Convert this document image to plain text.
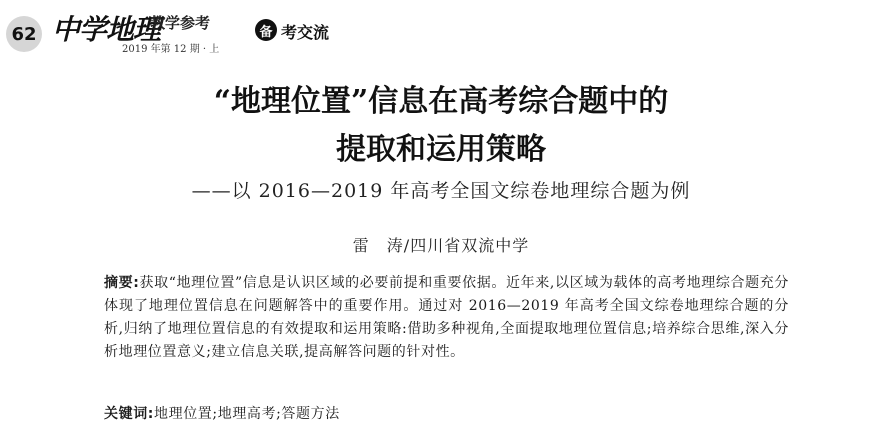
62 中学地理
教学参考
2019 年第 12 期 · 上
备 考交流
“地理位置”信息在高考综合题中的
提取和运用策略
——以 2016—2019 年高考全国文综卷地理综合题为例
雷　涛/四川省双流中学
摘要:获取“地理位置”信息是认识区域的必要前提和重要依据。近年来,以区域为载体的高考地理综合题充分体现了地理位置信息在问题解答中的重要作用。通过对 2016—2019 年高考全国文综卷地理综合题的分析,归纳了地理位置信息的有效提取和运用策略:借助多种视角,全面提取地理位置信息;培养综合思维,深入分析地理位置意义;建立信息关联,提高解答问题的针对性。
关键词:地理位置;地理高考;答题方法
